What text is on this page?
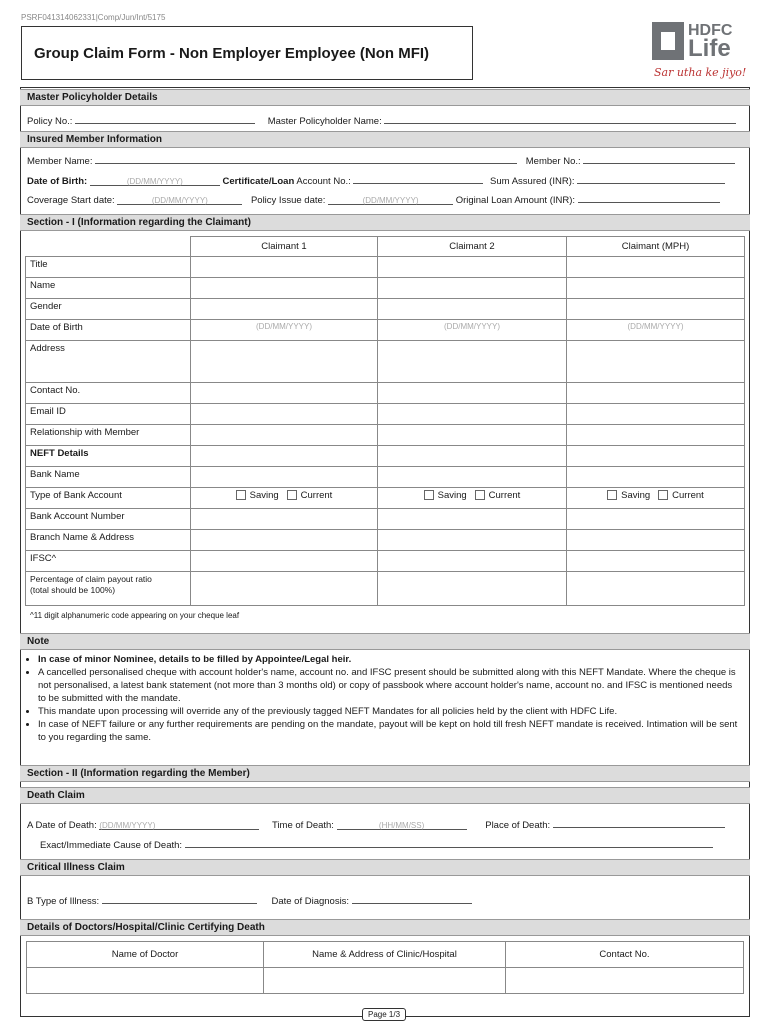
PSRF041314062331|Comp/Jun/Int/5175
Group Claim Form - Non Employer Employee (Non MFI)
HDFC
Life
Sar utha ke jiyo!
Master Policyholder Details
Policy No.:	Master Policyholder Name:
Insured Member Information
Member Name:	Member No.:
Date of Birth:	(DD/MM/YYYY)	Certificate/Loan Account No.:	Sum Assured (INR):
Coverage Start date:	(DD/MM/YYYY)	Policy Issue date:	(DD/MM/YYYY)	Original Loan Amount (INR):
Section - I (Information regarding the Claimant)
	Claimant 1	Claimant 2	Claimant (MPH)
Title			
Name			
Gender			
Date of Birth	(DD/MM/YYYY)	(DD/MM/YYYY)	(DD/MM/YYYY)
Address			
Contact No.			
Email ID			
Relationship with Member			
NEFT Details			
Bank Name			
Type of Bank Account	Saving Current	Saving Current	Saving Current
Bank Account Number			
Branch Name & Address			
IFSC^			

Percentage of claim payout ratio
(total should be 100%)			

^11 digit alphanumeric code appearing on your cheque leaf
Note
• In case of minor Nominee, details to be filled by Appointee/Legal heir.
• A cancelled personalised cheque with account holder's name, account no. and IFSC present should be submitted along with this NEFT Mandate. Where the cheque is not personalised, a latest bank statement (not more than 3 months old) or copy of passbook where account holder's name, account no. and IFSC is mentioned needs to be submitted with the mandate.
• This mandate upon processing will override any of the previously tagged NEFT Mandates for all policies held by the client with HDFC Life.
• In case of NEFT failure or any further requirements are pending on the mandate, payout will be kept on hold till fresh NEFT mandate is received. Intimation will be sent to you regarding the same.
Section - II (Information regarding the Member)
Death Claim
A Date of Death: (DD/MM/YYYY)	Time of Death:	(HH/MM/SS)	Place of Death:
Exact/Immediate Cause of Death:
Critical Illness Claim
B Type of Illness:	Date of Diagnosis:
Details of Doctors/Hospital/Clinic Certifying Death
Name of Doctor	Name & Address of Clinic/Hospital	Contact No.

Page 1/3
